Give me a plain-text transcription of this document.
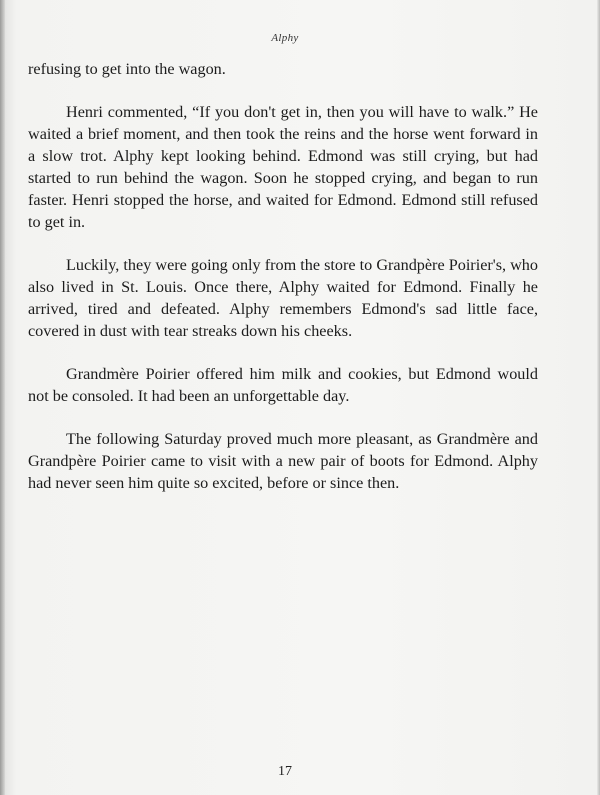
Alphy

refusing to get into the wagon.

Henri commented, “If you don't get in, then you will have to walk.” He waited a brief moment, and then took the reins and the horse went forward in a slow trot. Alphy kept looking behind. Edmond was still crying, but had started to run behind the wagon. Soon he stopped crying, and began to run faster. Henri stopped the horse, and waited for Edmond. Edmond still refused to get in.

Luckily, they were going only from the store to Grandpère Poirier's, who also lived in St. Louis. Once there, Alphy waited for Edmond. Finally he arrived, tired and defeated. Alphy remembers Edmond's sad little face, covered in dust with tear streaks down his cheeks.

Grandmère Poirier offered him milk and cookies, but Edmond would not be consoled. It had been an unforgettable day.

The following Saturday proved much more pleasant, as Grandmère and Grandpère Poirier came to visit with a new pair of boots for Edmond. Alphy had never seen him quite so excited, before or since then.

17
